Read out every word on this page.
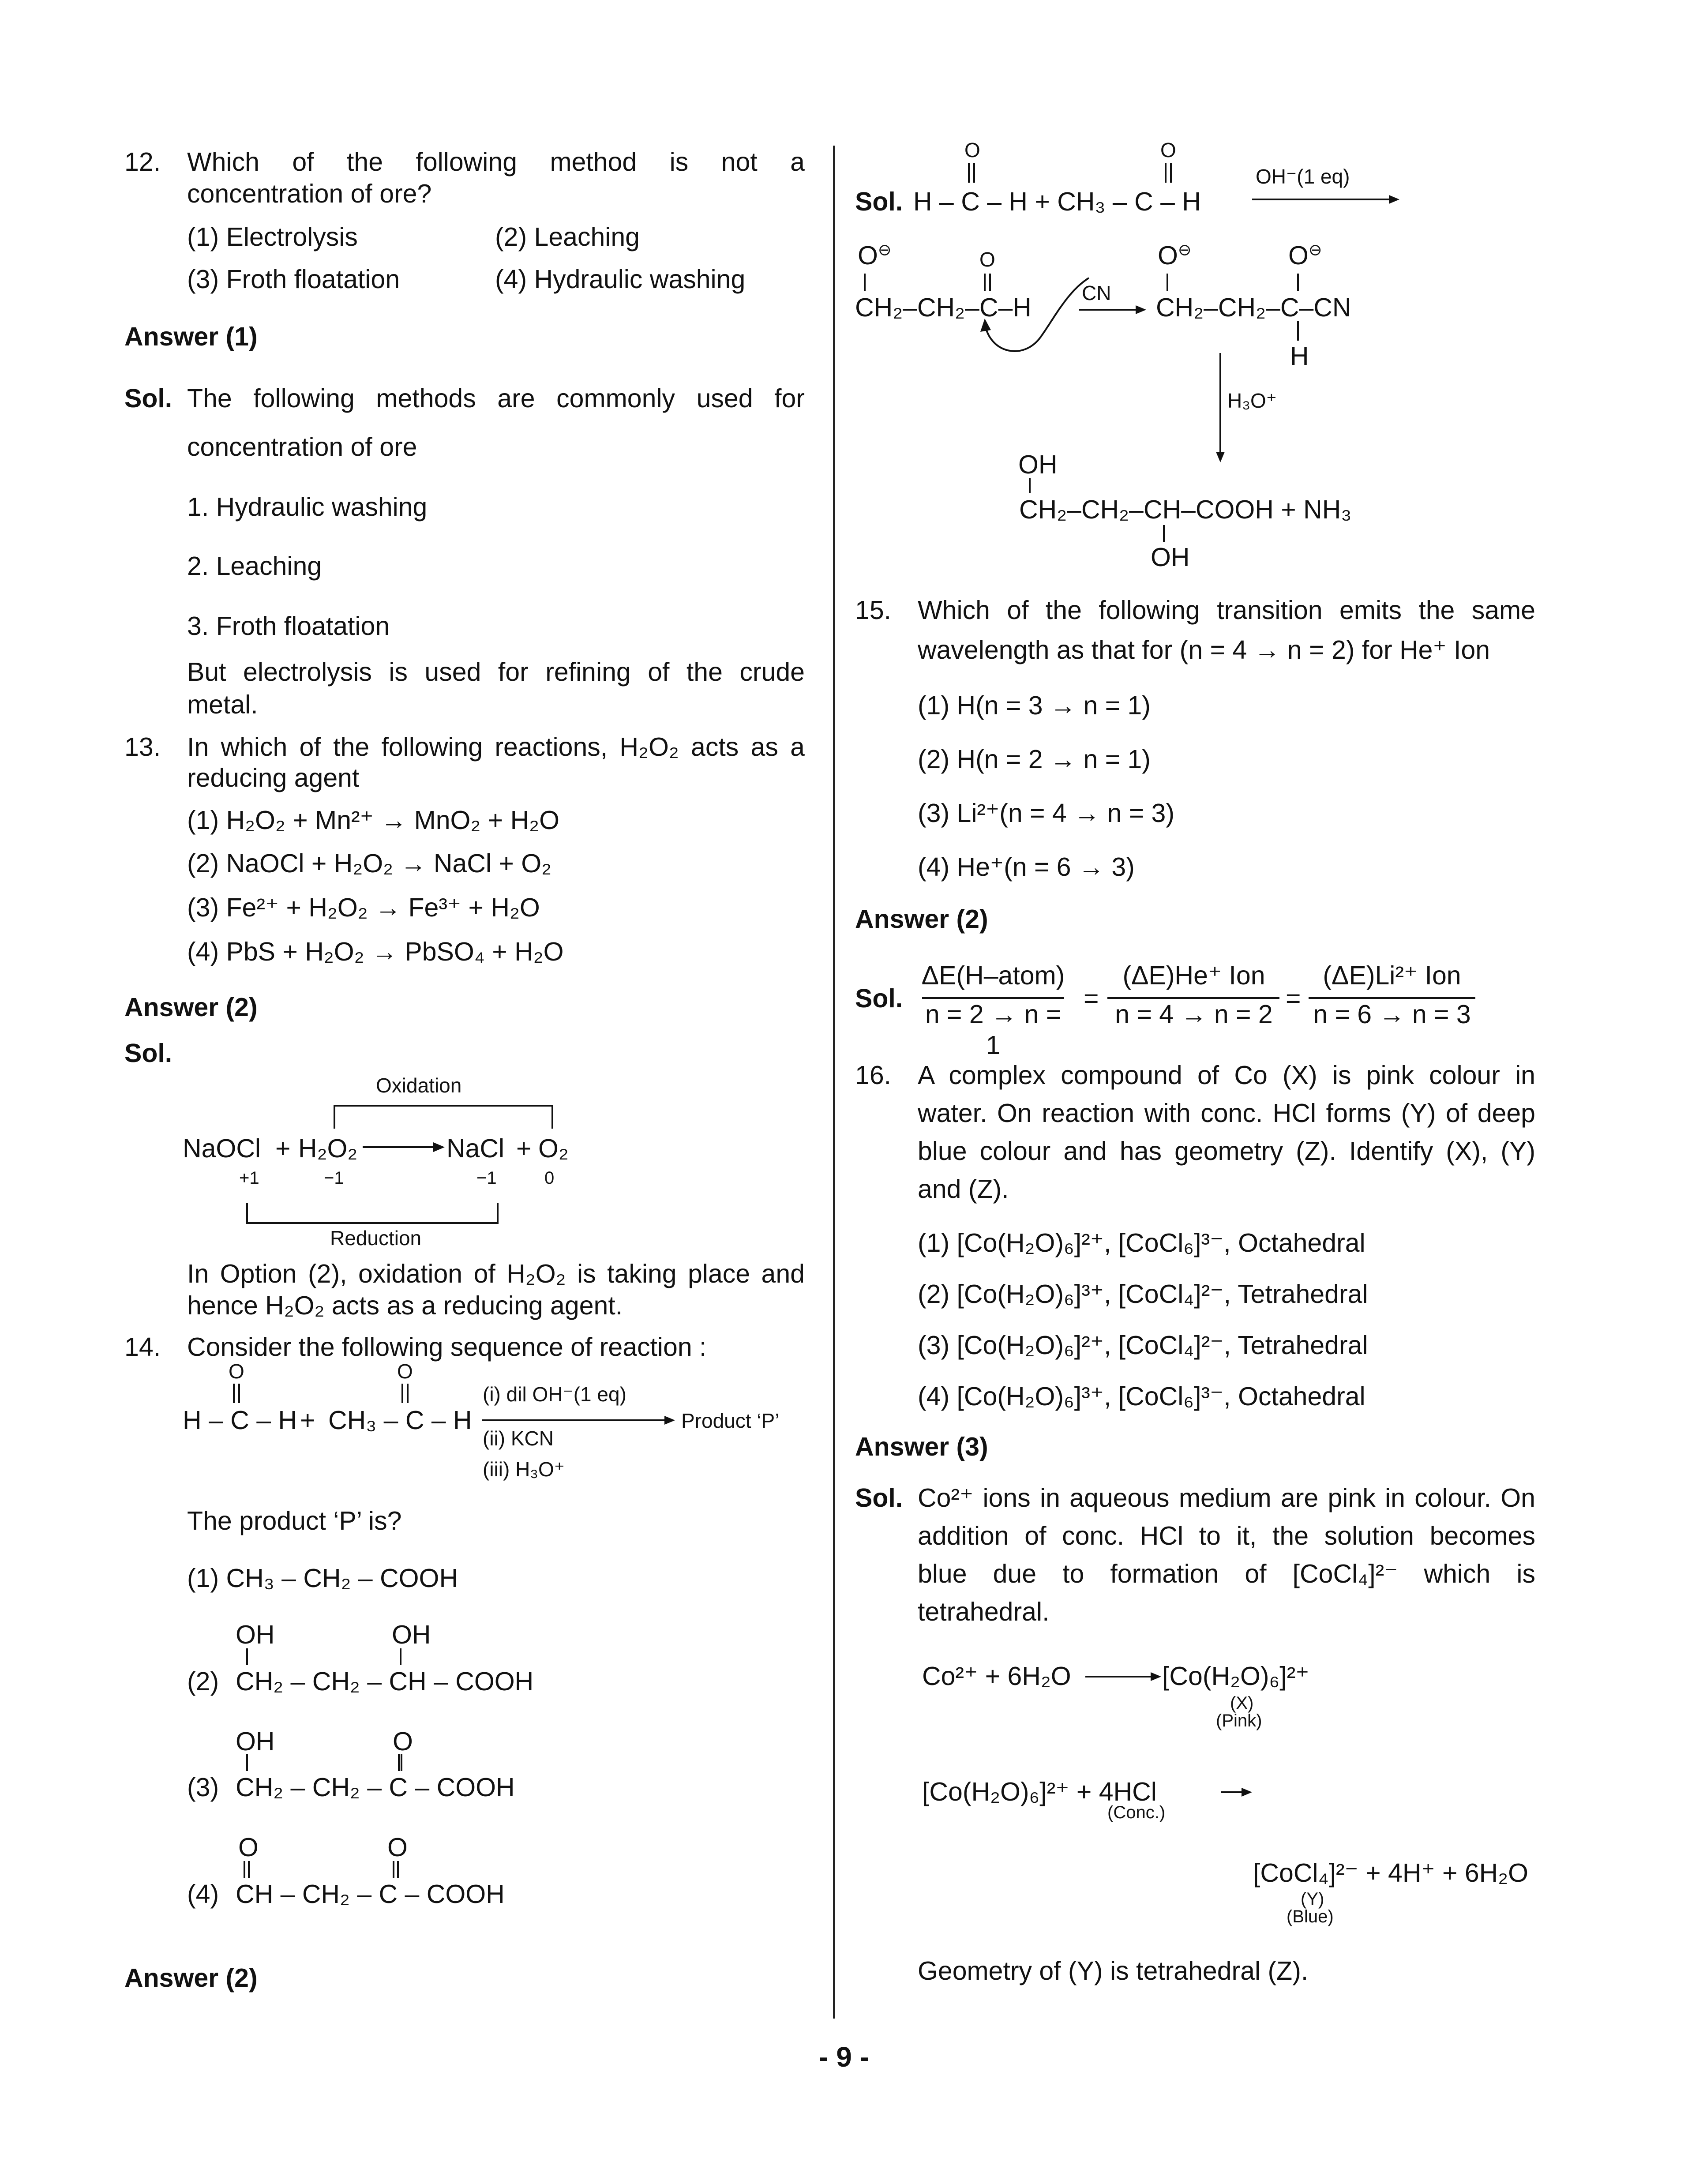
12. Which of the following method is not a
concentration of ore?
(1) Electrolysis	(2) Leaching
(3) Froth floatation	(4) Hydraulic washing
Answer (1)
Sol. The following methods are commonly used for
concentration of ore
1. Hydraulic washing
2. Leaching
3. Froth floatation
But electrolysis is used for refining of the crude
metal.
13. In which of the following reactions, H₂O₂ acts as a
reducing agent
(1) H₂O₂ + Mn²⁺ → MnO₂ + H₂O
(2) NaOCl + H₂O₂ → NaCl + O₂
(3) Fe²⁺ + H₂O₂ → Fe³⁺ + H₂O
(4) PbS + H₂O₂ → PbSO₄ + H₂O
Answer (2)
Sol.
Oxidation
NaOCl + H₂O₂	NaCl + O₂
+1	−1	−1	0
Reduction
In Option (2), oxidation of H₂O₂ is taking place and
hence H₂O₂ acts as a reducing agent.
14. Consider the following sequence of reaction :
O	O
H – C – H + CH₃ – C – H
(i) dil OH⁻(1 eq)
(ii) KCN
(iii) H₃O⁺
Product ‘P’
The product ‘P’ is?
(1) CH₃ – CH₂ – COOH
OH	OH
(2) CH₂ – CH₂ – CH – COOH
OH	O
(3) CH₂ – CH₂ – C – COOH
O	O
(4) CH – CH₂ – C – COOH
Answer (2)
O	O
Sol. H – C – H + CH₃ – C – H
OH⁻(1 eq)
O⊖	O	O⊖	O⊖
CH₂–CH₂–C–H CN CH₂–CH₂–C–CN
H
H₃O⁺
OH
CH₂–CH₂–CH–COOH + NH₃
OH
15. Which of the following transition emits the same
wavelength as that for (n = 4 → n = 2) for He⁺ Ion
(1) H(n = 3 → n = 1)
(2) H(n = 2 → n = 1)
(3) Li²⁺(n = 4 → n = 3)
(4) He⁺(n = 6 → 3)
Answer (2)
Sol.
ΔE(H–atom)
n = 2 → n = 1
=
(ΔE)He⁺ Ion
n = 4 → n = 2
=
(ΔE)Li²⁺ Ion
n = 6 → n = 3
16. A complex compound of Co (X) is pink colour in
water. On reaction with conc. HCl forms (Y) of deep
blue colour and has geometry (Z). Identify (X), (Y)
and (Z).
(1) [Co(H₂O)₆]²⁺, [CoCl₆]³⁻, Octahedral
(2) [Co(H₂O)₆]³⁺, [CoCl₄]²⁻, Tetrahedral
(3) [Co(H₂O)₆]²⁺, [CoCl₄]²⁻, Tetrahedral
(4) [Co(H₂O)₆]³⁺, [CoCl₆]³⁻, Octahedral
Answer (3)
Sol. Co²⁺ ions in aqueous medium are pink in colour. On
addition of conc. HCl to it, the solution becomes
blue due to formation of [CoCl₄]²⁻ which is
tetrahedral.
Co²⁺ + 6H₂O	[Co(H₂O)₆]²⁺
(X)
(Pink)
[Co(H₂O)₆]²⁺ + 4HCl
(Conc.)
[CoCl₄]²⁻ + 4H⁺ + 6H₂O
(Y)
(Blue)
Geometry of (Y) is tetrahedral (Z).
- 9 -
